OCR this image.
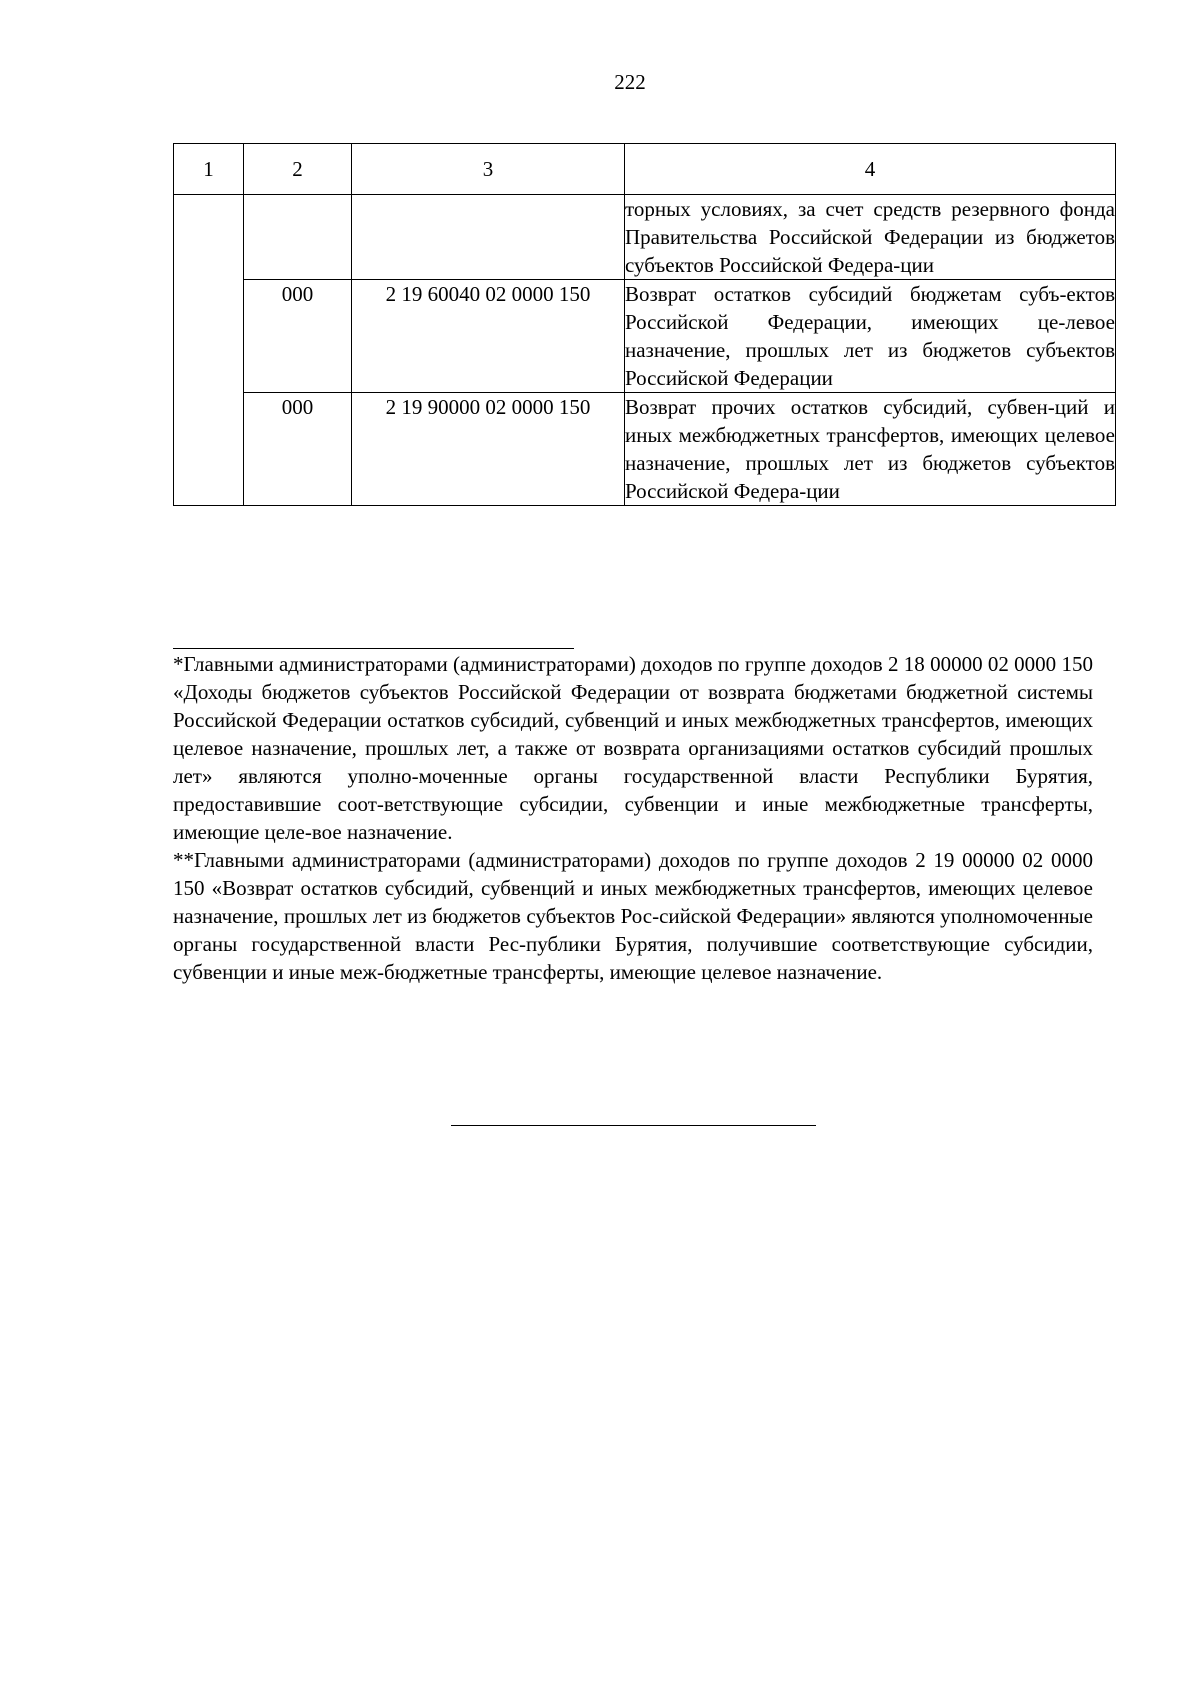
222
1	2	3	4
			торных условиях, за счет средств резервного фонда Правительства Российской Федерации из бюджетов субъектов Российской Федера-ции
	000	2 19 60040 02 0000 150	Возврат остатков субсидий бюджетам субъ-ектов Российской Федерации, имеющих це-левое назначение, прошлых лет из бюджетов субъектов Российской Федерации
	000	2 19 90000 02 0000 150	Возврат прочих остатков субсидий, субвен-ций и иных межбюджетных трансфертов, имеющих целевое назначение, прошлых лет из бюджетов субъектов Российской Федера-ции

*Главными администраторами (администраторами) доходов по группе доходов 2 18 00000 02 0000 150 «Доходы бюджетов субъектов Российской Федерации от возврата бюджетами бюджетной системы Российской Федерации остатков субсидий, субвенций и иных межбюджетных трансфертов, имеющих целевое назначение, прошлых лет, а также от возврата организациями остатков субсидий прошлых лет» являются уполно-моченные органы государственной власти Республики Бурятия, предоставившие соот-ветствующие субсидии, субвенции и иные межбюджетные трансферты, имеющие целе-вое назначение.

**Главными администраторами (администраторами) доходов по группе доходов 2 19 00000 02 0000 150 «Возврат остатков субсидий, субвенций и иных межбюджетных трансфертов, имеющих целевое назначение, прошлых лет из бюджетов субъектов Рос-сийской Федерации» являются уполномоченные органы государственной власти Рес-публики Бурятия, получившие соответствующие субсидии, субвенции и иные меж-бюджетные трансферты, имеющие целевое назначение.
